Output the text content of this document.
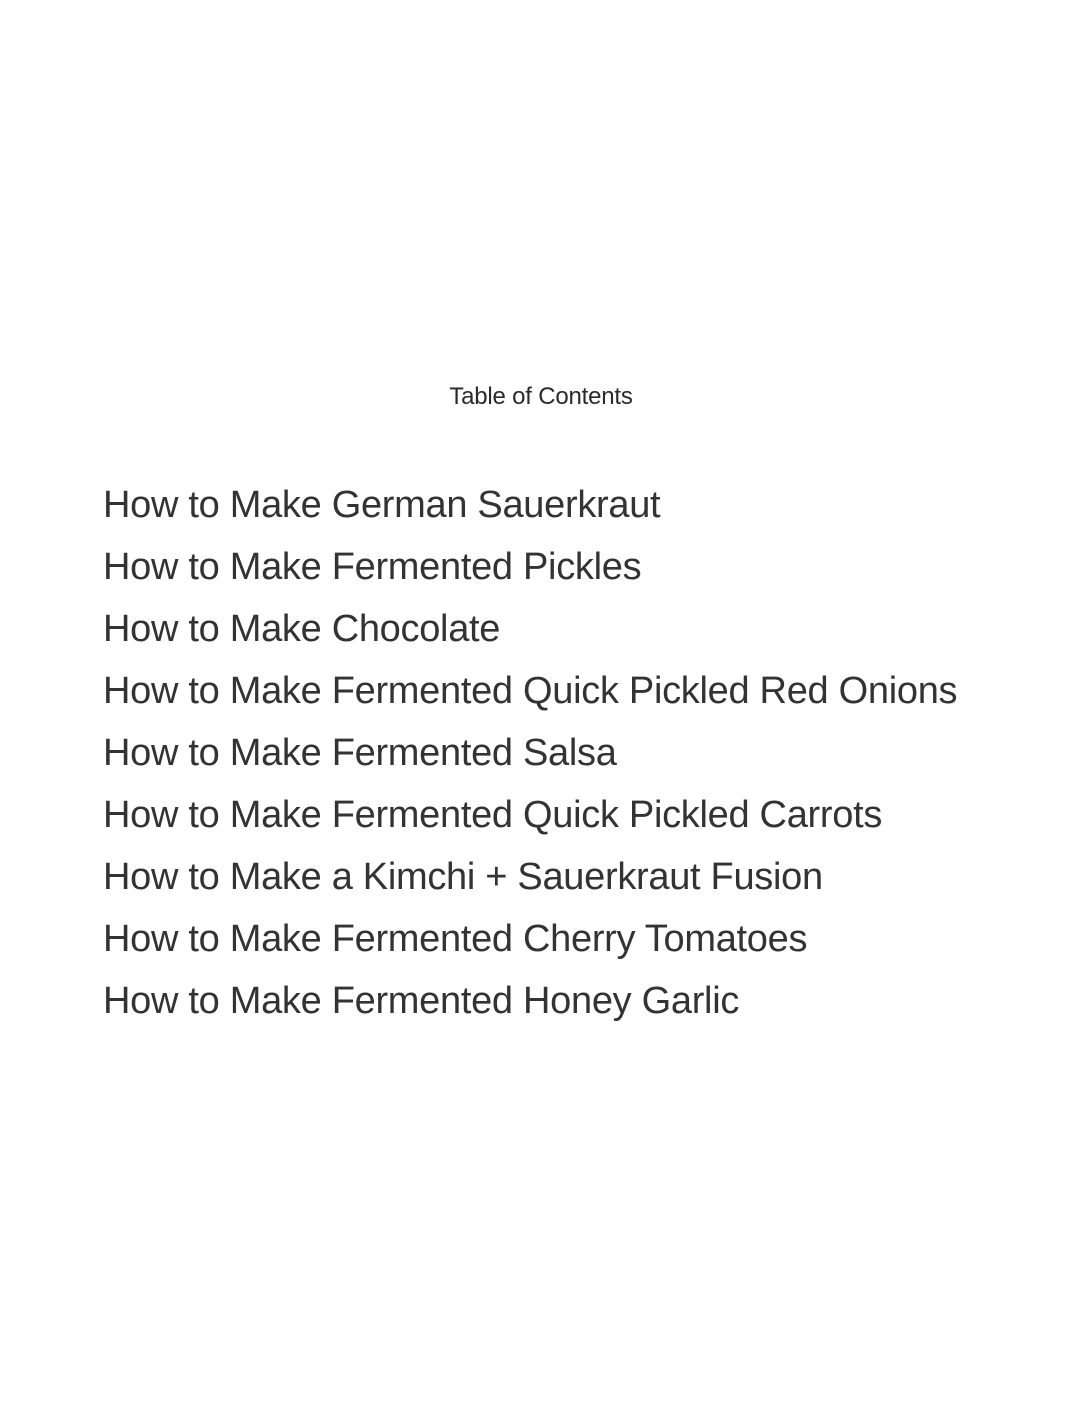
Table of Contents
How to Make German Sauerkraut
How to Make Fermented Pickles
How to Make Chocolate
How to Make Fermented Quick Pickled Red Onions
How to Make Fermented Salsa
How to Make Fermented Quick Pickled Carrots
How to Make a Kimchi + Sauerkraut Fusion
How to Make Fermented Cherry Tomatoes
How to Make Fermented Honey Garlic
